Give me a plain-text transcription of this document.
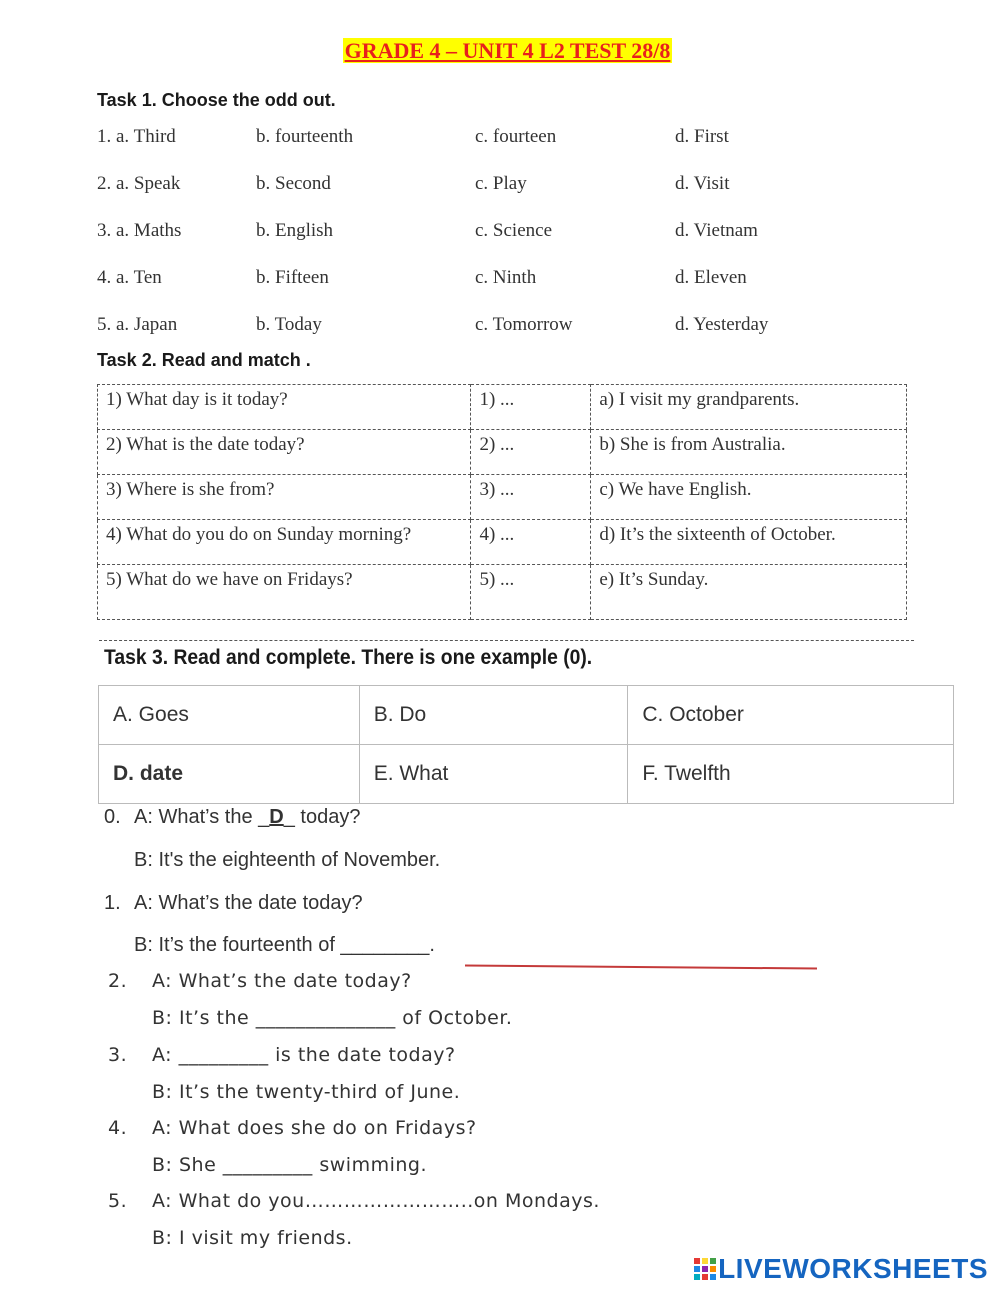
GRADE 4 – UNIT 4 L2 TEST 28/8
Task 1. Choose the odd out.
1. a. Third	b. fourteenth	c. fourteen	d. First
2. a. Speak	b. Second	c. Play	d. Visit
3. a. Maths	b. English	c. Science	d. Vietnam
4. a. Ten	b. Fifteen	c. Ninth	d. Eleven
5. a. Japan	b. Today	c. Tomorrow	d. Yesterday
Task 2. Read and match .
1) What day is it today?	1) ...	a) I visit my grandparents.
2) What is the date today?	2) ...	b) She is from Australia.
3) Where is she from?	3) ...	c) We have English.
4) What do you do on Sunday morning?	4) ...	d) It’s the sixteenth of October.
5) What do we have on Fridays?	5) ...	e) It’s Sunday.
Task 3. Read and complete. There is one example (0).
A. Goes	B. Do	C. October
D. date	E. What	F. Twelfth
0. A: What’s the _D_ today?
B: It's the eighteenth of November.
1. A: What’s the date today?
B: It’s the fourteenth of ________.
2. A: What’s the date today?
B: It’s the ______________ of October.
3. A: _________ is the date today?
B: It’s the twenty-third of June.
4. A: What does she do on Fridays?
B: She _________ swimming.
5. A: What do you……………………..on Mondays.
B: I visit my friends.
LIVEWORKSHEETS
